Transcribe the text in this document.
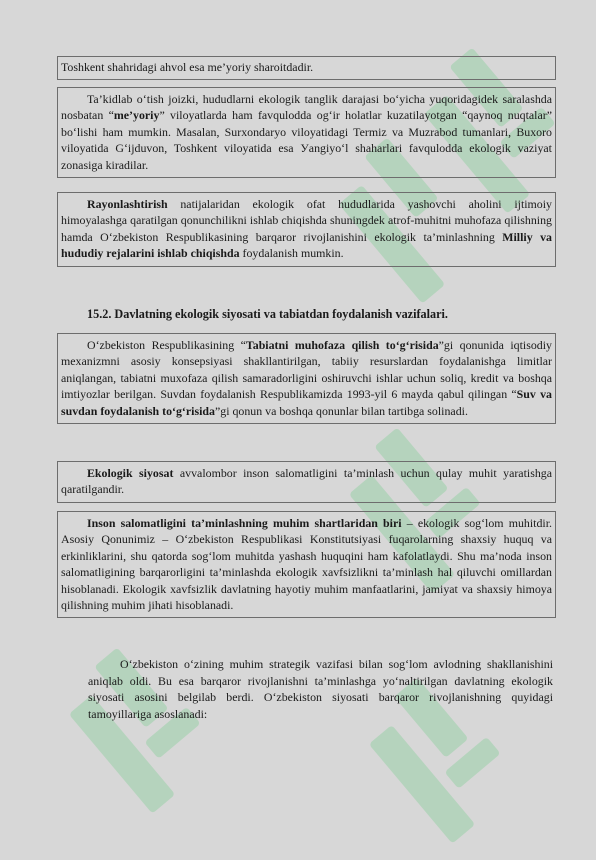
Toshkent shahridagi ahvol esa me’yoriy sharoitdadir.

Ta’kidlab o‘tish joizki, hududlarni ekologik tanglik darajasi bo‘yicha yuqoridagidek saralashda nosbatan “me’yoriy” viloyatlarda ham favqulodda og‘ir holatlar kuzatilayotgan “qaynoq nuqtalar” bo‘lishi ham mumkin. Masalan, Surxondaryo viloyatidagi Termiz va Muzrabod tumanlari, Buxoro viloyatida G‘ijduvon, Toshkent viloyatida esa Уangiyo‘l shaharlari favqulodda ekologik vaziyat zonasiga kiradilar.

Rayonlashtirish natijalaridan ekologik ofat hududlarida yashovchi aholini ijtimoiy himoyalashga qaratilgan qonunchilikni ishlab chiqishda shuningdek atrof-muhitni muhofaza qilishning hamda O‘zbekiston Respublikasining barqaror rivojlanishini ekologik ta’minlashning Milliy va hududiy rejalarini ishlab chiqishda foydalanish mumkin.

15.2. Davlatning ekologik siyosati va tabiatdan foydalanish vazifalari.

O‘zbekiston Respublikasining “Tabiatni muhofaza qilish to‘g‘risida”gi qonunida iqtisodiy mexanizmni asosiy konsepsiyasi shakllantirilgan, tabiiy resurslardan foydalanishga limitlar aniqlangan, tabiatni muxofaza qilish samaradorligini oshiruvchi ishlar uchun soliq, kredit va boshqa imtiyozlar berilgan. Suvdan foydalanish Respublikamizda 1993-yil 6 mayda qabul qilingan “Suv va suvdan foydalanish to‘g‘risida”gi qonun va boshqa qonunlar bilan tartibga solinadi.

Ekologik siyosat avvalombor inson salomatligini ta’minlash uchun qulay muhit yaratishga qaratilgandir.

Inson salomatligini ta’minlashning muhim shartlaridan biri – ekologik sog‘lom muhitdir. Asosiy Qonunimiz – O‘zbekiston Respublikasi Konstitutsiyasi fuqarolarning shaxsiy huquq va erkinliklarini, shu qatorda sog‘lom muhitda yashash huquqini ham kafolatlaydi. Shu ma’noda inson salomatligining barqarorligini ta’minlashda ekologik xavfsizlikni ta’minlash hal qiluvchi omillardan hisoblanadi. Ekologik xavfsizlik davlatning hayotiy muhim manfaatlarini, jamiyat va shaxsiy himoya qilishning muhim jihati hisoblanadi.

O‘zbekiston o‘zining muhim strategik vazifasi bilan sog‘lom avlodning shakllanishini aniqlab oldi. Bu esa barqaror rivojlanishni ta’minlashga yo‘naltirilgan davlatning ekologik siyosati asosini belgilab berdi. O‘zbekiston siyosati barqaror rivojlanishning quyidagi tamoyillariga asoslanadi:
